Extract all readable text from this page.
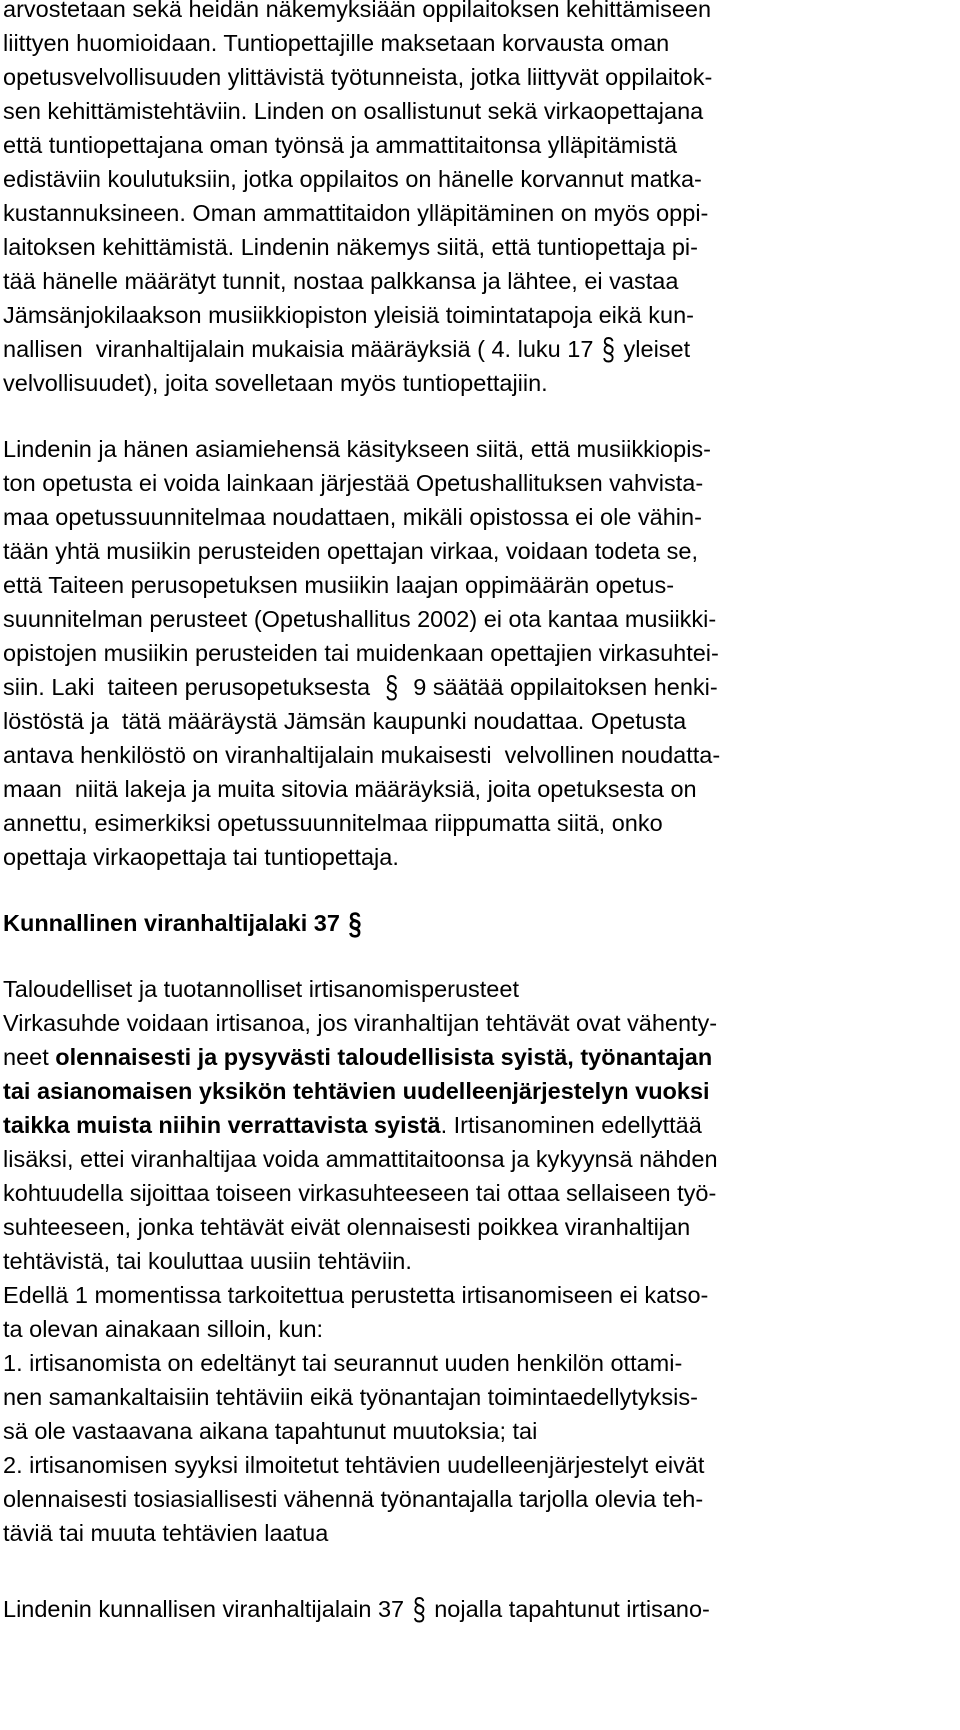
arvostetaan sekä heidän näkemyksiään oppilaitoksen kehittämiseen

liittyen huomioidaan. Tuntiopettajille maksetaan korvausta oman

opetusvelvollisuuden ylittävistä työtunneista, jotka liittyvät oppilaitok-

sen kehittämistehtäviin. Linden on osallistunut sekä virkaopettajana

että tuntiopettajana oman työnsä ja ammattitaitonsa ylläpitämistä

edistäviin koulutuksiin, jotka oppilaitos on hänelle korvannut matka-

kustannuksineen. Oman ammattitaidon ylläpitäminen on myös oppi-

laitoksen kehittämistä. Lindenin näkemys siitä, että tuntiopettaja pi-

tää hänelle määrätyt tunnit, nostaa palkkansa ja lähtee, ei vastaa

Jämsänjokilaakson musiikkiopiston yleisiä toimintatapoja eikä kun-

nallisen  viranhaltijalain mukaisia määräyksiä ( 4. luku 17 § yleiset

velvollisuudet), joita sovelletaan myös tuntiopettajiin.

Lindenin ja hänen asiamiehensä käsitykseen siitä, että musiikkiopis-

ton opetusta ei voida lainkaan järjestää Opetushallituksen vahvista-

maa opetussuunnitelmaa noudattaen, mikäli opistossa ei ole vähin-

tään yhtä musiikin perusteiden opettajan virkaa, voidaan todeta se,

että Taiteen perusopetuksen musiikin laajan oppimäärän opetus-

suunnitelman perusteet (Opetushallitus 2002) ei ota kantaa musiikki-

opistojen musiikin perusteiden tai muidenkaan opettajien virkasuhtei-

siin. Laki  taiteen perusopetuksesta  §  9 säätää oppilaitoksen henki-

löstöstä ja  tätä määräystä Jämsän kaupunki noudattaa. Opetusta

antava henkilöstö on viranhaltijalain mukaisesti  velvollinen noudatta-

maan  niitä lakeja ja muita sitovia määräyksiä, joita opetuksesta on

annettu, esimerkiksi opetussuunnitelmaa riippumatta siitä, onko

opettaja virkaopettaja tai tuntiopettaja.

Kunnallinen viranhaltijalaki 37 §

Taloudelliset ja tuotannolliset irtisanomisperusteet

Virkasuhde voidaan irtisanoa, jos viranhaltijan tehtävät ovat vähenty-

neet olennaisesti ja pysyvästi taloudellisista syistä, työnantajan

tai asianomaisen yksikön tehtävien uudelleenjärjestelyn vuoksi

taikka muista niihin verrattavista syistä. Irtisanominen edellyttää

lisäksi, ettei viranhaltijaa voida ammattitaitoonsa ja kykyynsä nähden

kohtuudella sijoittaa toiseen virkasuhteeseen tai ottaa sellaiseen työ-

suhteeseen, jonka tehtävät eivät olennaisesti poikkea viranhaltijan

tehtävistä, tai kouluttaa uusiin tehtäviin.

Edellä 1 momentissa tarkoitettua perustetta irtisanomiseen ei katso-

ta olevan ainakaan silloin, kun:

1. irtisanomista on edeltänyt tai seurannut uuden henkilön ottami-

nen samankaltaisiin tehtäviin eikä työnantajan toimintaedellytyksis-

sä ole vastaavana aikana tapahtunut muutoksia; tai

2. irtisanomisen syyksi ilmoitetut tehtävien uudelleenjärjestelyt eivät

olennaisesti tosiasiallisesti vähennä työnantajalla tarjolla olevia teh-

täviä tai muuta tehtävien laatua

Lindenin kunnallisen viranhaltijalain 37 § nojalla tapahtunut irtisano-
